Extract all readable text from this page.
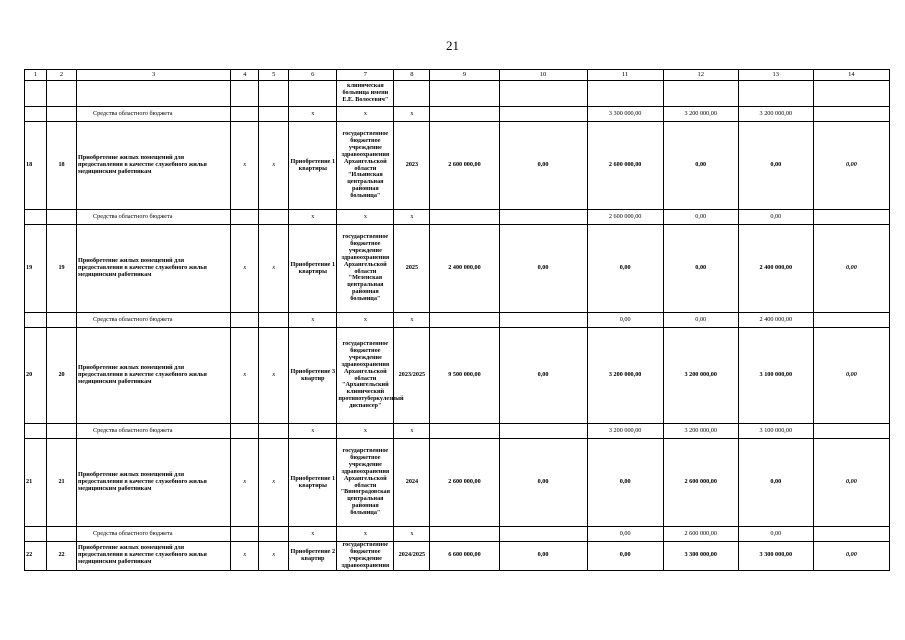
21
1	2	3	4	5	6	7	8	9	10	11	12	13	14
						клиническая больница имени Е.Е. Волосевич"							
		Средства областного бюджета			x	x	x			3 300 000,00	3 200 000,00	3 200 000,00	
18	18	Приобретение жилых помещений для предоставления в качестве служебного жилья медицинским работникам	x	x	Приобретение 1 квартиры	государственное бюджетное учреждение здравоохранения Архангельской области "Ильинская центральная районная больница"	2023	2 600 000,00	0,00	2 600 000,00	0,00	0,00	0,00
		Средства областного бюджета			x	x	x			2 600 000,00	0,00	0,00	
19	19	Приобретение жилых помещений для предоставления в качестве служебного жилья медицинским работникам	x	x	Приобретение 1 квартиры	государственное бюджетное учреждение здравоохранения Архангельской области "Мезенская центральная районная больница"	2025	2 400 000,00	0,00	0,00	0,00	2 400 000,00	0,00
		Средства областного бюджета			x	x	x			0,00	0,00	2 400 000,00	
20	20	Приобретение жилых помещений для предоставления в качестве служебного жилья медицинским работникам	x	x	Приобретение 3 квартир	государственное бюджетное учреждение здравоохранения Архангельской области "Архангельский клинический противотуберкулезный диспансер"	2023/2025	9 500 000,00	0,00	3 200 000,00	3 200 000,00	3 100 000,00	0,00
		Средства областного бюджета			x	x	x			3 200 000,00	3 200 000,00	3 100 000,00	
21	21	Приобретение жилых помещений для предоставления в качестве служебного жилья медицинским работникам	x	x	Приобретение 1 квартиры	государственное бюджетное учреждение здравоохранения Архангельской области "Виноградовская центральная районная больница"	2024	2 600 000,00	0,00	0,00	2 600 000,00	0,00	0,00
		Средства областного бюджета			x	x	x			0,00	2 600 000,00	0,00	
22	22	Приобретение жилых помещений для предоставления в качестве служебного жилья медицинским работникам	x	x	Приобретение 2 квартир	государственное бюджетное учреждение здравоохранения	2024/2025	6 600 000,00	0,00	0,00	3 300 000,00	3 300 000,00	0,00
